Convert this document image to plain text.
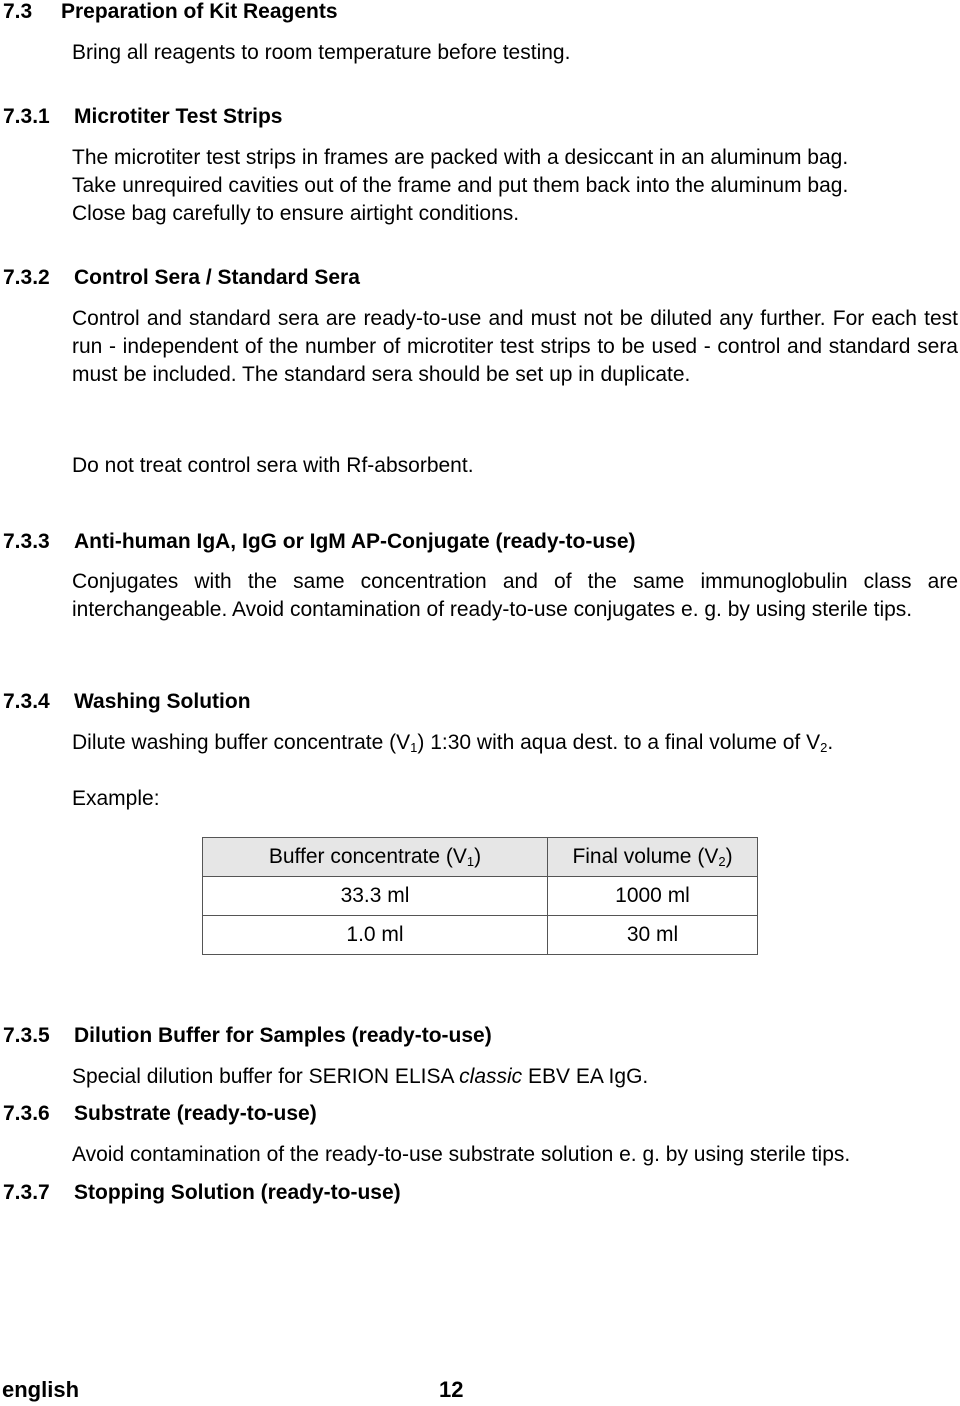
7.3 Preparation of Kit Reagents
Bring all reagents to room temperature before testing.
7.3.1 Microtiter Test Strips
The microtiter test strips in frames are packed with a desiccant in an aluminum bag.
Take unrequired cavities out of the frame and put them back into the aluminum bag.
Close bag carefully to ensure airtight conditions.
7.3.2 Control Sera / Standard Sera
Control and standard sera are ready-to-use and must not be diluted any further. For each test run - independent of the number of microtiter test strips to be used - control and standard sera must be included. The standard sera should be set up in duplicate.
Do not treat control sera with Rf-absorbent.
7.3.3 Anti-human IgA, IgG or IgM AP-Conjugate (ready-to-use)
Conjugates with the same concentration and of the same immunoglobulin class are interchangeable. Avoid contamination of ready-to-use conjugates e. g. by using sterile tips.
7.3.4 Washing Solution
Dilute washing buffer concentrate $(V_1)$ 1:30 with aqua dest. to a final volume of $V_2$.
Example:
Buffer concentrate $(V_1)$	Final volume $(V_2)$
33.3 ml	1000 ml
1.0 ml	30 ml
7.3.5 Dilution Buffer for Samples (ready-to-use)
Special dilution buffer for SERION ELISA classic EBV EA IgG.
7.3.6 Substrate (ready-to-use)
Avoid contamination of the ready-to-use substrate solution e. g. by using sterile tips.
7.3.7 Stopping Solution (ready-to-use)
english	12
